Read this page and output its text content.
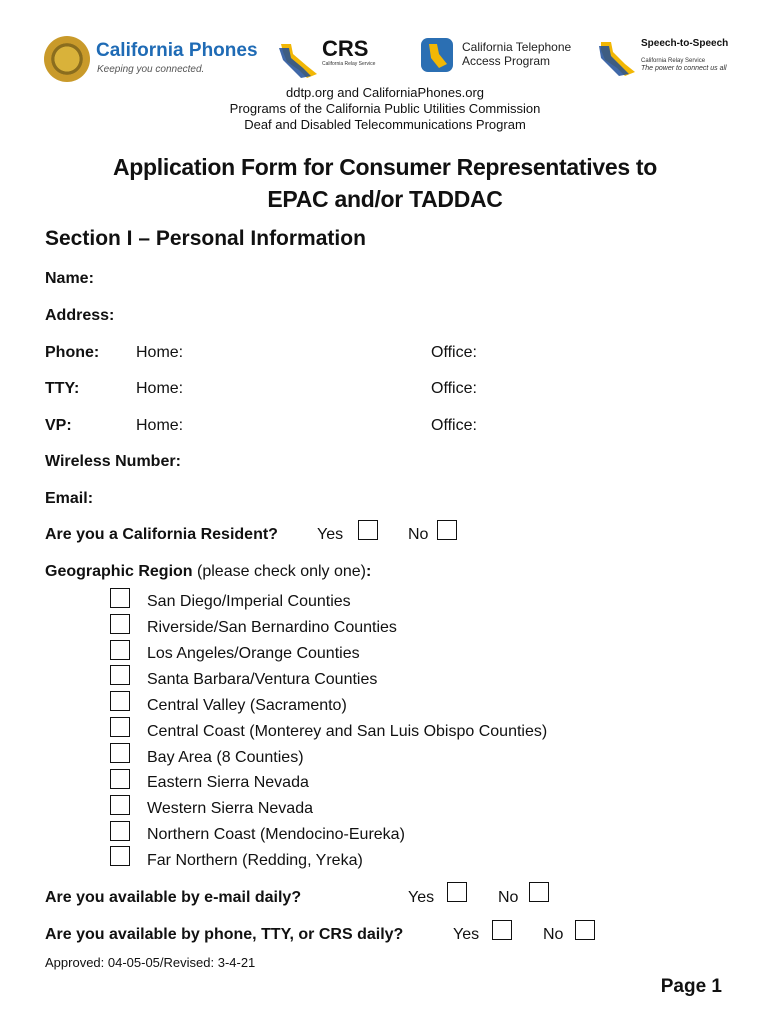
California Phones
Keeping you connected.
CRS
California Relay Service
California Telephone
Access Program
Speech-to-Speech
California Relay Service
The power to connect us all
ddtp.org and CaliforniaPhones.org
Programs of the California Public Utilities Commission
Deaf and Disabled Telecommunications Program
Application Form for Consumer Representatives to
EPAC and/or TADDAC
Section I – Personal Information
Name:
Address:
Phone: Home:	Office:
TTY:	Home:	Office:
VP:	Home:	Office:
Wireless Number:
Email:
Are you a California Resident? Yes	No
Geographic Region (please check only one):
San Diego/Imperial Counties
Riverside/San Bernardino Counties
Los Angeles/Orange Counties
Santa Barbara/Ventura Counties
Central Valley (Sacramento)
Central Coast (Monterey and San Luis Obispo Counties)
Bay Area (8 Counties)
Eastern Sierra Nevada
Western Sierra Nevada
Northern Coast (Mendocino-Eureka)
Far Northern (Redding, Yreka)
Are you available by e-mail daily?	Yes	No
Are you available by phone, TTY, or CRS daily?	Yes	No
Approved: 04-05-05/Revised: 3-4-21
Page 1
